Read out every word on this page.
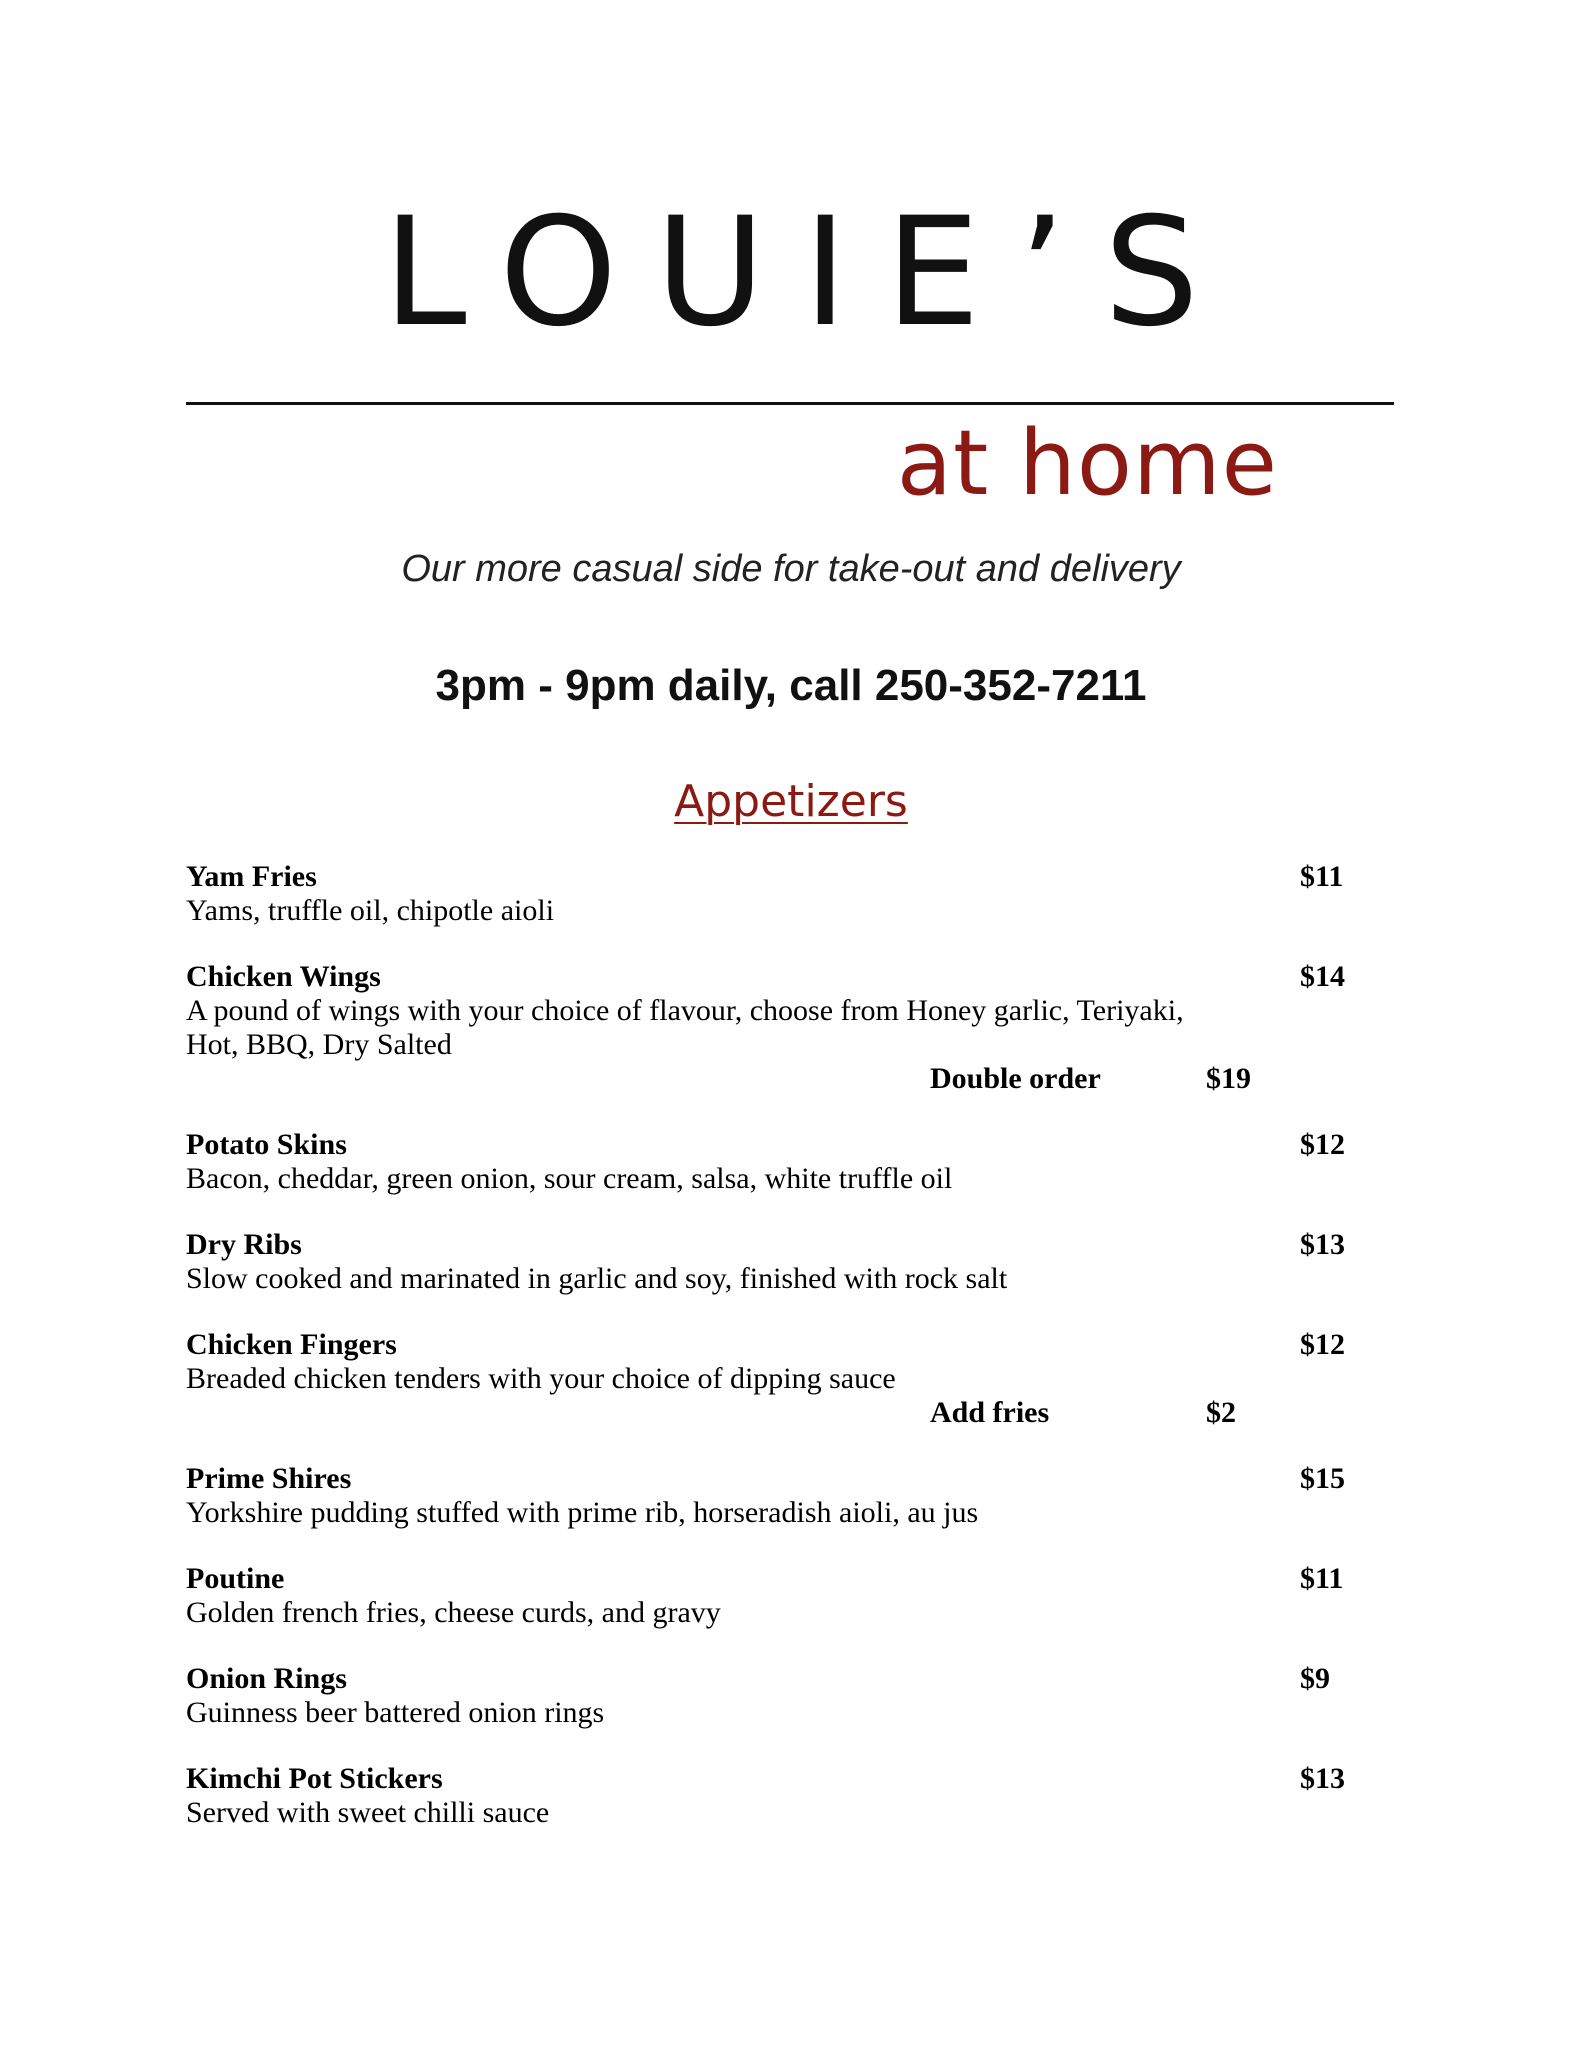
LOUIE’S
at home
Our more casual side for take-out and delivery
3pm - 9pm daily, call 250-352-7211
Appetizers
Yam Fries	$11
Yams, truffle oil, chipotle aioli
Chicken Wings	$14
A pound of wings with your choice of flavour, choose from Honey garlic, Teriyaki, Hot, BBQ, Dry Salted
Double order	$19
Potato Skins	$12
Bacon, cheddar, green onion, sour cream, salsa, white truffle oil
Dry Ribs	$13
Slow cooked and marinated in garlic and soy, finished with rock salt
Chicken Fingers	$12
Breaded chicken tenders with your choice of dipping sauce
Add fries	$2
Prime Shires	$15
Yorkshire pudding stuffed with prime rib, horseradish aioli, au jus
Poutine	$11
Golden french fries, cheese curds, and gravy
Onion Rings	$9
Guinness beer battered onion rings
Kimchi Pot Stickers	$13
Served with sweet chilli sauce
